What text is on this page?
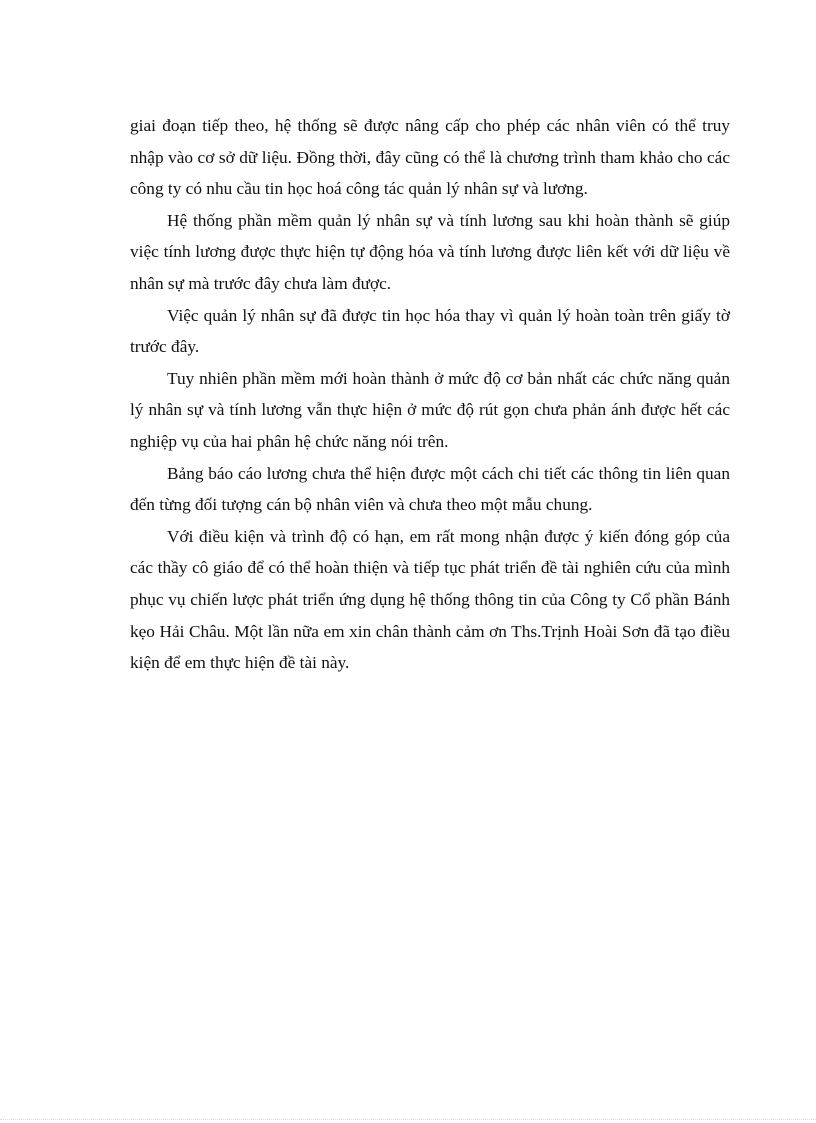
giai đoạn tiếp theo, hệ thống sẽ được nâng cấp cho phép các nhân viên có thể truy nhập vào cơ sở dữ liệu. Đồng thời, đây cũng có thể là chương trình tham khảo cho các công ty có nhu cầu tin học hoá công tác quản lý nhân sự và lương.

Hệ thống phần mềm quản lý nhân sự và tính lương sau khi hoàn thành sẽ giúp việc tính lương được thực hiện tự động hóa và tính lương được liên kết với dữ liệu về nhân sự mà trước đây chưa làm được.

Việc quản lý nhân sự đã được tin học hóa thay vì quản lý hoàn toàn trên giấy tờ trước đây.

Tuy nhiên phần mềm mới hoàn thành ở mức độ cơ bản nhất các chức năng quản lý nhân sự và tính lương vẫn thực hiện ở mức độ rút gọn chưa phản ánh được hết các nghiệp vụ của hai phân hệ chức năng nói trên.

Bảng báo cáo lương chưa thể hiện được một cách chi tiết các thông tin liên quan đến từng đối tượng cán bộ nhân viên và chưa theo một mẫu chung.

Với điều kiện và trình độ có hạn, em rất mong nhận được ý kiến đóng góp của các thầy cô giáo để có thể hoàn thiện và tiếp tục phát triển đề tài nghiên cứu của mình phục vụ chiến lược phát triển ứng dụng hệ thống thông tin của Công ty Cổ phần Bánh kẹo Hải Châu. Một lần nữa em xin chân thành cảm ơn Ths.Trịnh Hoài Sơn đã tạo điều kiện để em thực hiện đề tài này.
